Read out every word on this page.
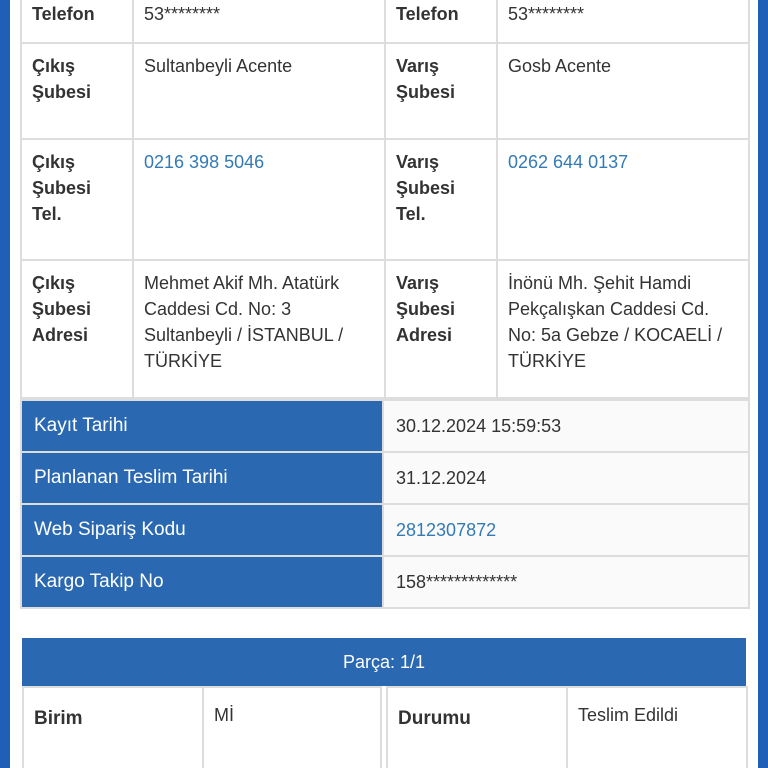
Telefon	53********	Telefon	53********

Çıkış Şubesi	Sultanbeyli Acente	Varış Şubesi	Gosb Acente
Çıkış Şubesi Tel.	0216 398 5046	Varış Şubesi Tel.	0262 644 0137
Çıkış Şubesi Adresi	Mehmet Akif Mh. Atatürk Caddesi Cd. No: 3 Sultanbeyli / İSTANBUL / TÜRKİYE	Varış Şubesi Adresi	İnönü Mh. Şehit Hamdi Pekçalışkan Caddesi Cd. No: 5a Gebze / KOCAELİ / TÜRKİYE
Kayıt Tarihi	30.12.2024 15:59:53
Planlanan Teslim Tarihi	31.12.2024
Web Sipariş Kodu	2812307872
Kargo Takip No	158*************
Parça: 1/1
Birim	Mİ		Durumu	Teslim Edildi
